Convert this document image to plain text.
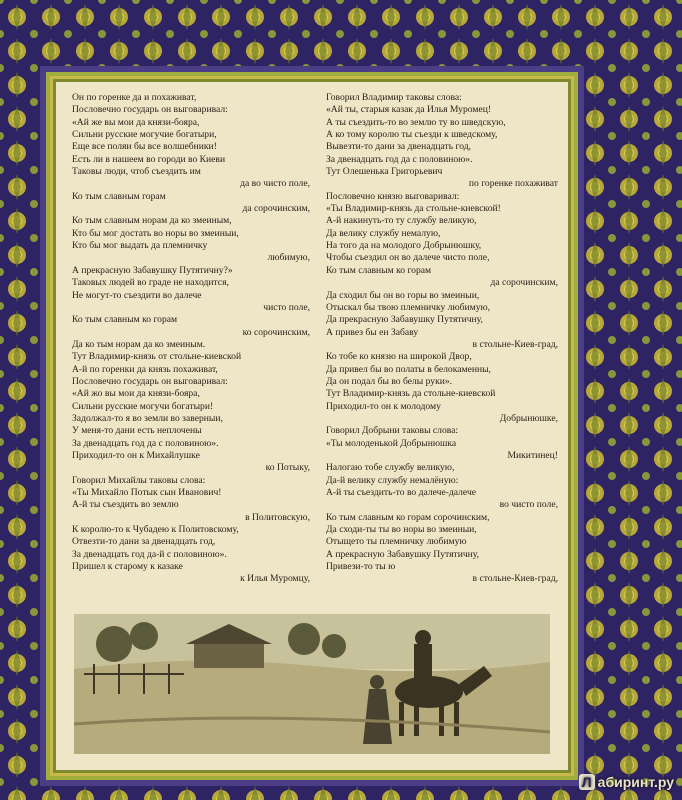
Он по горенке да и похаживат,
Пословечно государь он выговаривал:
«Ай же вы мои да князи-бояра,
Сильни русские могучие богатыри,
Еще все поляи бы все волшебники!
Есть ли в нашеем во городи во Киеви
Таковы люди, чтоб съездить им
да во чисто поле,
Ко тым славным горам
да сорочинским,
Ко тым славным норам да ко змеиным,
Кто бы мог достать во норы во змеиныи,
Кто бы мог выдать да племничку
любимую,
А прекрасную Забавушку Путятичну?»
Таковых людей во граде не находится,
Не могут-то съездити во далече
чисто поле,
Ко тым славным ко горам
ко сорочинским,
Да ко тым норам да ко змеиным.
Тут Владимир-князь от стольне-киевской
А-й по горенки да князь похаживат,
Пословечно государь он выговаривал:
«Ай жо вы мои да князи-бояра,
Сильни русские могучи богатыри!
Задолжал-то я во земли во заверныи,
У меня-то дани есть неплочены
За двенадцать год да с половиною».
Приходил-то он к Михайлушке
ко Потыку,
Говорил Михайлы таковы слова:
«Ты Михайло Потык сын Иванович!
А-й ты съездить во землю
в Политовскую,
К королю-то к Чубадею к Политовскому,
Отвезти-то дани за двенадцать год,
За двенадцать год да-й с половиною».
Пришел к старому к казаке
к Илья Муромцу,
Говорил Владимир таковы слова:
«Ай ты, старыя казак да Илья Муромец!
А ты съездить-то во землю ту во шведскую,
А ко тому королю ты съезди к шведскому,
Вывезти-то дани за двенадцать год,
За двенадцать год да с половиною».
Тут Олешенька Григорьевич
по горенке похаживат
Пословечно князю выговаривал:
«Ты Владимир-князь да стольне-киевской!
А-й накинуть-то ту службу великую,
Да велику службу немалую,
На того да на молодого Добрынюшку,
Чтобы съездил он во далече чисто поле,
Ко тым славным ко горам
да сорочинским,
Да сходил бы он во горы во змеиныи,
Отыскал бы твою племничку любимую,
Да прекрасную Забавушку Путятичну,
А привез бы ен Забаву
в стольне-Киев-град,
Ко тобе ко князю на широкой Двор,
Да привел бы во полаты в белокаменны,
Да он подал бы во белы руки».
Тут Владимир-князь да стольне-киевской
Приходил-то он к молодому
Добрынюшке,
Говорил Добрыни таковы слова:
«Ты молоденькой Добрынюшка
Микитинец!
Налогаю тобе службу великую,
Да-й велику службу немалёную:
А-й ты съездить-то во далече-далече
во чисто поле,
Ко тым славным ко горам сорочинским,
Да сходи-ты ты во норы во змеиныи,
Отыщето ты племничку любимую
А прекрасную Забавушку Путятичну,
Привези-то ты ю
в стольне-Киев-град,
Л абиринт.ру
